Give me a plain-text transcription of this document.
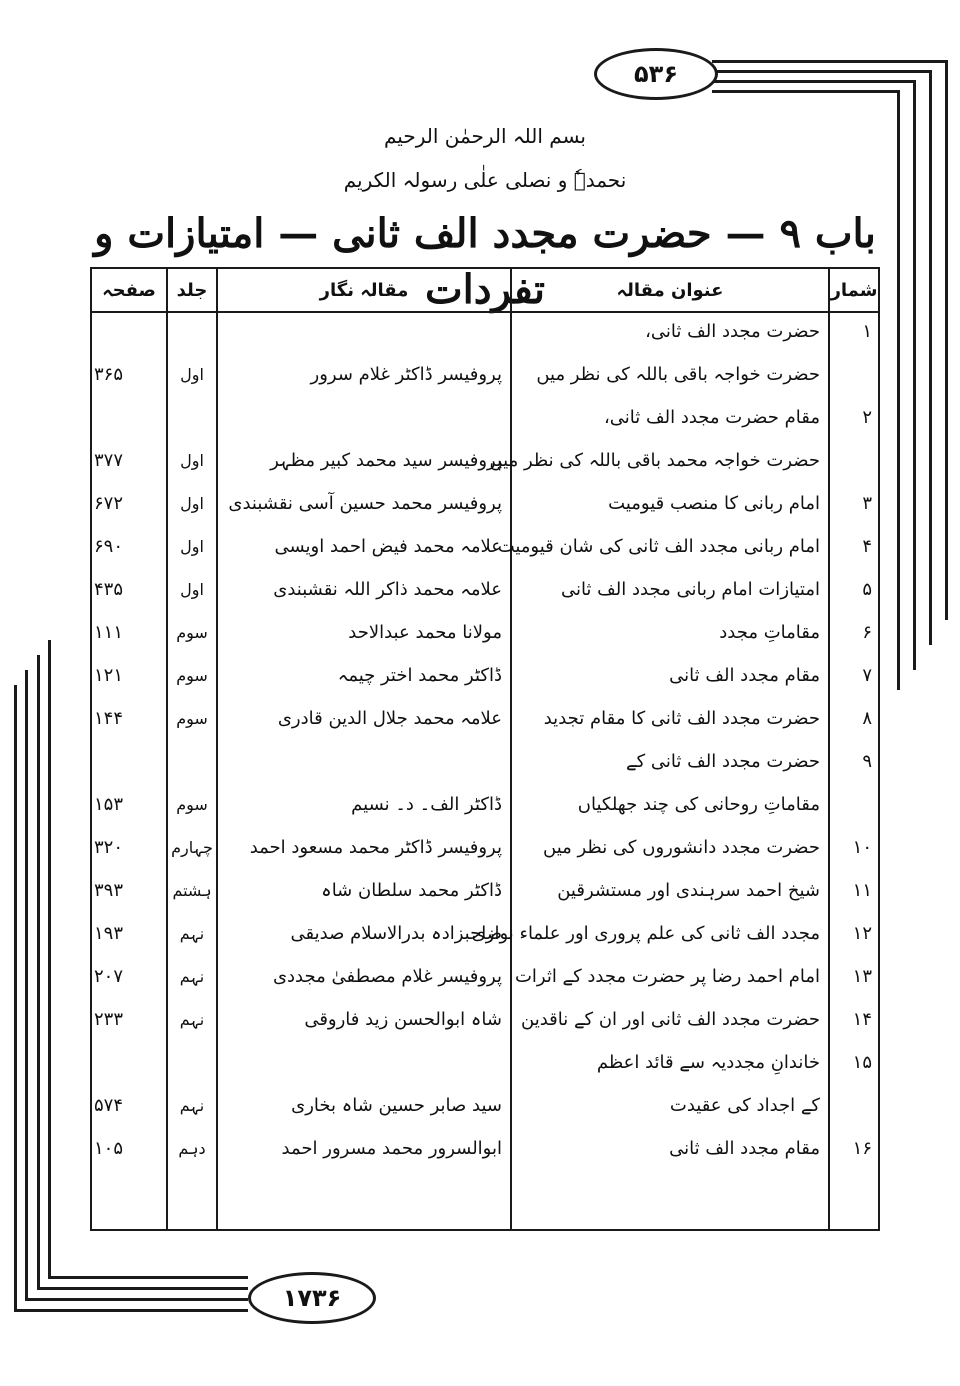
۵۳۶
۱۷۳۶
بسم اللہ الرحمٰن الرحیم
نحمدہٗ و نصلی علٰی رسولہ الکریم
باب ۹ — حضرت مجدد الف ثانی — امتیازات و تفردات	شمار
عنوان مقالہ
مقالہ نگار
جلد
صفحہ
۱
۲
۳
۴
۵
۶
۷
۸
۹
۱۰
۱۱
۱۲
۱۳
۱۴
۱۵
۱۶
حضرت مجدد الف ثانی،
حضرت خواجہ باقی باللہ کی نظر میں
مقام حضرت مجدد الف ثانی،
حضرت خواجہ محمد باقی باللہ کی نظر میں
امام ربانی کا منصب قیومیت
امام ربانی مجدد الف ثانی کی شان قیومیت
امتیازات امام ربانی مجدد الف ثانی
مقاماتِ مجدد
مقام مجدد الف ثانی
حضرت مجدد الف ثانی کا مقام تجدید
حضرت مجدد الف ثانی کے
مقاماتِ روحانی کی چند جھلکیاں
حضرت مجدد دانشوروں کی نظر میں
شیخ احمد سرہندی اور مستشرقین
مجدد الف ثانی کی علم پروری اور علماء نوازی
امام احمد رضا پر حضرت مجدد کے اثرات
حضرت مجدد الف ثانی اور ان کے ناقدین
خاندانِ مجددیہ سے قائد اعظم
کے اجداد کی عقیدت
مقام مجدد الف ثانی
پروفیسر ڈاکٹر غلام سرور
پروفیسر سید محمد کبیر مظہر
پروفیسر محمد حسین آسی نقشبندی
علامہ محمد فیض احمد اویسی
علامہ محمد ذاکر اللہ نقشبندی
مولانا محمد عبدالاحد
ڈاکٹر محمد اختر چیمہ
علامہ محمد جلال الدین قادری
ڈاکٹر الف۔ د۔ نسیم
پروفیسر ڈاکٹر محمد مسعود احمد
ڈاکٹر محمد سلطان شاہ
صاحبزادہ بدرالاسلام صدیقی
پروفیسر غلام مصطفیٰ مجددی
شاہ ابوالحسن زید فاروقی
سید صابر حسین شاہ بخاری
ابوالسرور محمد مسرور احمد
اول
اول
اول
اول
اول
سوم
سوم
سوم
سوم
چہارم
ہشتم
نہم
نہم
نہم
نہم
دہم
۳۶۵
۳۷۷
۶۷۲
۶۹۰
۴۳۵
۱۱۱
۱۲۱
۱۴۴
۱۵۳
۳۲۰
۳۹۳
۱۹۳
۲۰۷
۲۳۳
۵۷۴
۱۰۵
